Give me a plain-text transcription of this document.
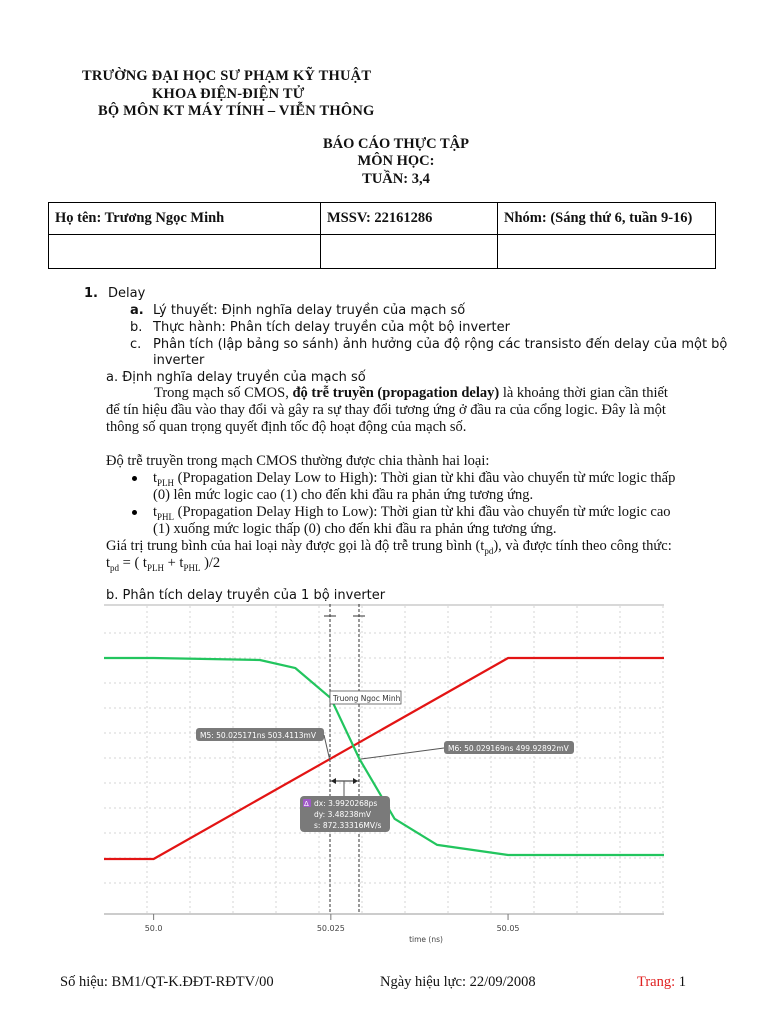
TRƯỜNG ĐẠI HỌC SƯ PHẠM KỸ THUẬT
KHOA ĐIỆN-ĐIỆN TỬ
BỘ MÔN KT MÁY TÍNH – VIỄN THÔNG
BÁO CÁO THỰC TẬP
MÔN HỌC:
TUẦN: 3,4
Họ tên: Trương Ngọc Minh	MSSV: 22161286	Nhóm: (Sáng thứ 6, tuần 9-16)

1. Delay
a. Lý thuyết: Định nghĩa delay truyền của mạch số
b. Thực hành: Phân tích delay truyền của một bộ inverter
c. Phân tích (lập bảng so sánh) ảnh hưởng của độ rộng các transisto đến delay của một bộ
inverter
a. Định nghĩa delay truyền của mạch số
Trong mạch số CMOS, độ trễ truyền (propagation delay) là khoảng thời gian cần thiết
để tín hiệu đầu vào thay đổi và gây ra sự thay đổi tương ứng ở đầu ra của cổng logic. Đây là một
thông số quan trọng quyết định tốc độ hoạt động của mạch số.
Độ trễ truyền trong mạch CMOS thường được chia thành hai loại:
$t_{PLH}$ (Propagation Delay Low to High): Thời gian từ khi đầu vào chuyển từ mức logic thấp
(0) lên mức logic cao (1) cho đến khi đầu ra phản ứng tương ứng.
$t_{PHL}$ (Propagation Delay High to Low): Thời gian từ khi đầu vào chuyển từ mức logic cao
(1) xuống mức logic thấp (0) cho đến khi đầu ra phản ứng tương ứng.
Giá trị trung bình của hai loại này được gọi là độ trễ trung bình $(t_{pd})$, và được tính theo công thức:
$t_{pd}$ = ( $t_{PLH} + t_{PHL}$ )/2
b. Phân tích delay truyền của 1 bộ inverter
Truong Ngoc Minh
M5: 50.025171ns 503.4113mV
M6: 50.029169ns 499.92892mV
Δ dx: 3.9920268ps
dy: 3.48238mV
s: 872.33316MV/s
50.0	50.025	50.05
time (ns)
Số hiệu: BM1/QT-K.ĐĐT-RĐTV/00	Ngày hiệu lực: 22/09/2008	Trang: 1
